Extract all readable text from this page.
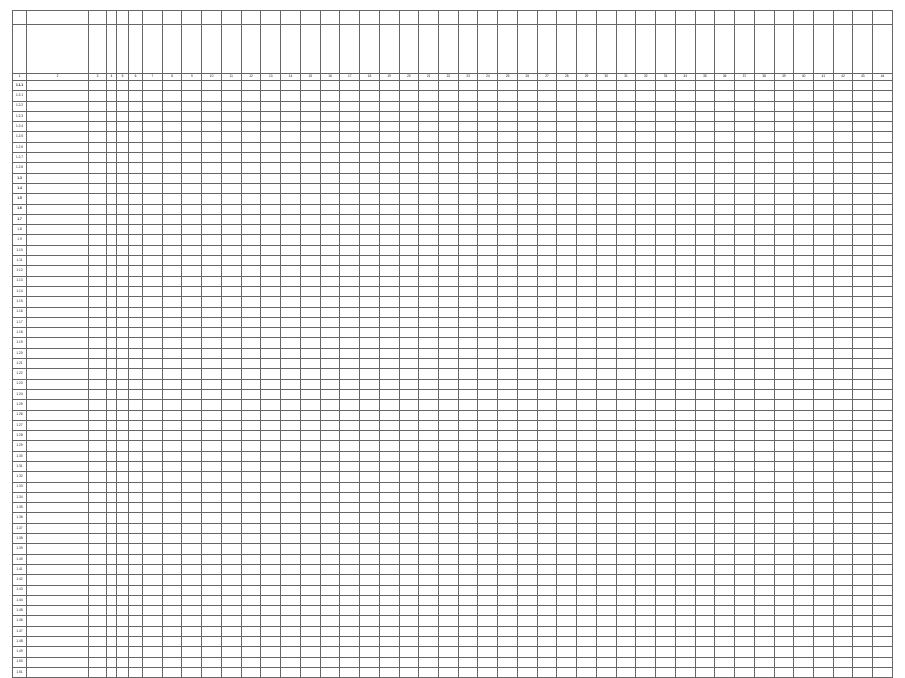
1	2	3	4	5	6	7	8	9	10	11	12	13	14	15	16	17	18	19	20	21	22	23	24	25	26	27	28	29	30	31	32	33	34	35	36	37	38	39	40	41	42	43	44
1.1.1																																											
1.2.1																																											
1.2.2																																											
1.2.3																																											
1.2.4																																											
1.2.5																																											
1.2.6																																											
1.2.7																																											
1.2.8																																											
1.3																																											
1.4																																											
1.5																																											
1.6																																											
1.7																																											
1.8																																											
1.9																																											
1.10																																											
1.11																																											
1.12																																											
1.13																																											
1.14																																											
1.15																																											
1.16																																											
1.17																																											
1.18																																											
1.19																																											
1.20																																											
1.21																																											
1.22																																											
1.23																																											
1.24																																											
1.25																																											
1.26																																											
1.27																																											
1.28																																											
1.29																																											
1.30																																											
1.31																																											
1.32																																											
1.33																																											
1.34																																											
1.35																																											
1.36																																											
1.37																																											
1.38																																											
1.39																																											
1.40																																											
1.41																																											
1.42																																											
1.43																																											
1.44																																											
1.45																																											
1.46																																											
1.47																																											
1.48																																											
1.49																																											
1.50																																											
1.51																																											
